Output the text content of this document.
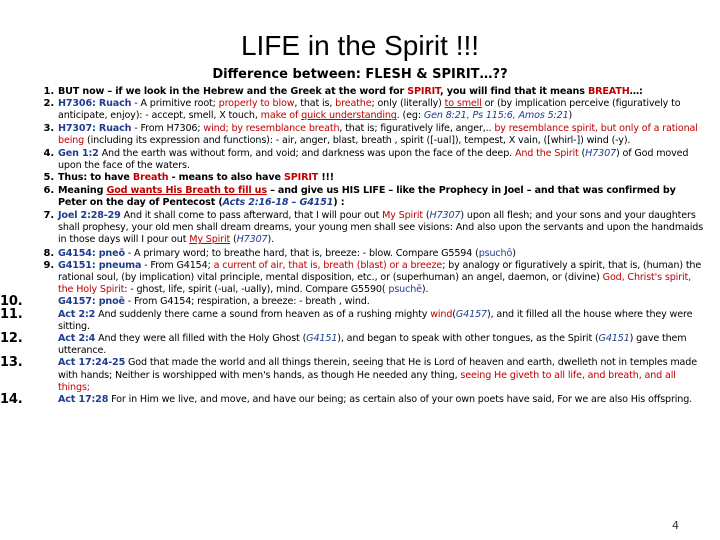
LIFE in the Spirit !!!
Difference between: FLESH & SPIRIT…??
1. BUT now – if we look in the Hebrew and the Greek at the word for SPIRIT, you will find that it means BREATH…:
2. H7306: Ruach - A primitive root; properly to blow, that is, breathe; only (literally) to smell or (by implication perceive (figuratively to anticipate, enjoy): - accept, smell, X touch, make of quick understanding. (eg: Gen 8:21, Ps 115:6, Amos 5:21)
3. H7307: Ruach - From H7306; wind; by resemblance breath, that is; figuratively life, anger,.. by resemblance spirit, but only of a rational being (including its expression and functions): - air, anger, blast, breath , spirit ([-ual]), tempest, X vain, ([whirl-]) wind (-y).
4. Gen 1:2 And the earth was without form, and void; and darkness was upon the face of the deep. And the Spirit (H7307) of God moved upon the face of the waters.
5. Thus: to have Breath - means to also have SPIRIT !!!
6. Meaning God wants His Breath to fill us – and give us HIS LIFE – like the Prophecy in Joel – and that was confirmed by Peter on the day of Pentecost (Acts 2:16-18 – G4151) :
7. Joel 2:28-29 And it shall come to pass afterward, that I will pour out My Spirit (H7307) upon all flesh; and your sons and your daughters shall prophesy, your old men shall dream dreams, your young men shall see visions: And also upon the servants and upon the handmaids in those days will I pour out My Spirit (H7307).
8. G4154: pneō - A primary word; to breathe hard, that is, breeze: - blow. Compare G5594 (psuchō)
9. G4151: pneuma - From G4154; a current of air, that is, breath (blast) or a breeze; by analogy or figuratively a spirit, that is, (human) the rational soul, (by implication) vital principle, mental disposition, etc., or (superhuman) an angel, daemon, or (divine) God, Christ's spirit, the Holy Spirit: - ghost, life, spirit (-ual, -ually), mind. Compare G5590( psuchē).
10.	G4157: pnoē - From G4154; respiration, a breeze: - breath , wind.
11.	Act 2:2 And suddenly there came a sound from heaven as of a rushing mighty wind(G4157), and it filled all the house where they were sitting.
12.	Act 2:4 And they were all filled with the Holy Ghost (G4151), and began to speak with other tongues, as the Spirit (G4151) gave them utterance.
13.	Act 17:24-25 God that made the world and all things therein, seeing that He is Lord of heaven and earth, dwelleth not in temples made with hands; Neither is worshipped with men's hands, as though He needed any thing, seeing He giveth to all life, and breath, and all things;
14.	Act 17:28 For in Him we live, and move, and have our being; as certain also of your own poets have said, For we are also His offspring.
4
